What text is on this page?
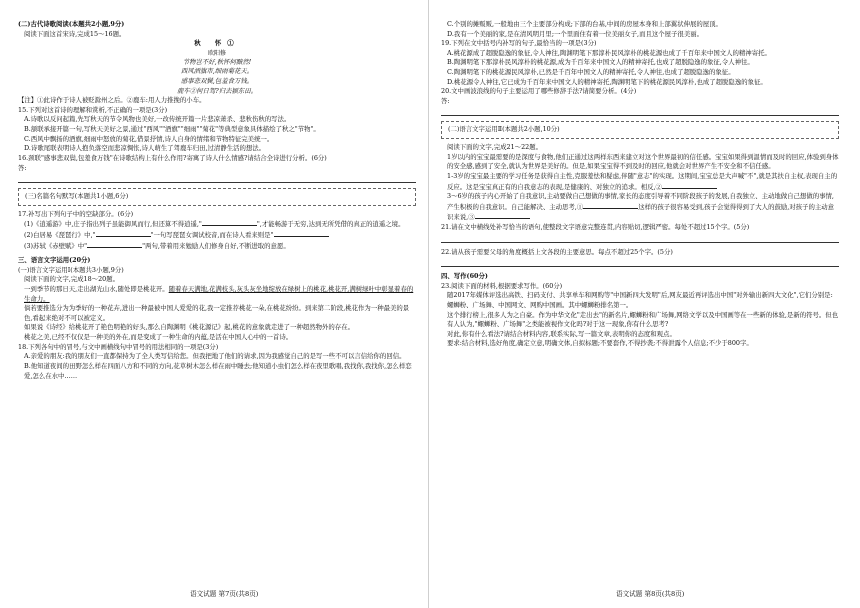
(二)古代诗歌阅读(本题共2小题,9分)

阅读下面这首宋诗,完成15～16题。

秋 怀①

欧阳修

节物岂不好,秋怀何黯然!

西风酒旗市,细雨菊花天。

感事悲双鬓,包羞食万钱。

鹿车②何日驾?归去颍东田。

【注】①此诗作于诗人被贬滁州之后。②鹿车:用人力推挽的小车。

15.下列对这首诗的理解和赏析,不正确的一项是(3分)

A.诗歌以反问起篇,先写秋天的节令风物也美好,一改传统开篇一片悲凉萧杀、悲秋伤秋的写法。

B.颔联承接开篇一句,写秋天美好之景,通过"西风""酒旗""细雨""菊花"等典型意象具体描绘了秋之"节物"。

C.西风中飘扬的酒旗,细雨中怒放的菊花,借景抒情,诗人自身的情绪和节物特征完美统一。

D.诗歌尾联表明诗人抱负落空而悲凉惆怅,诗人萌生了驾鹿车归田,过清静生活的想法。

16.颈联"感事悲双鬓,包羞食万钱"在诗歌结构上有什么作用?寄寓了诗人什么情感?请结合全诗进行分析。(6分)

答:

(三)名篇名句默写(本题共1小题,6分)

17.补写出下列句子中的空缺部分。(6分)

(1)《逍遥游》中,庄子指出列子虽能御风而行,但还算不得逍遥,"	",才能畅游于无穷,达到无所凭借的真正的逍遥之境。

(2)白居易《琵琶行》中,"	"一句写琵琶女调试校音,而在诗人看来则是"

(3)苏轼《赤壁赋》中"	"两句,带着用来勉励人们修身自好,不断进取的意愿。

三、语言文字运用(20分)

(一)语言文字运用Ⅰ(本题共3小题,9分)

阅读下面的文字,完成18～20题。

一到季节的那日天,走出湖光山水,随处即是桃花开。随着春天满地,花满枝头,灰头灰坐地绽放在绿树上的桃花,桃花开,满树绿叶中彰显着春的生命力。

倘若要推选分为为季好的一种花卉,进出一种最被中国人爱爱的花,我一定推荐桃花一朵,在桃花纷纷。到来第二阶段,桃花作为一种最美的景色,看起来绝对不可以被定义。

如果说《诗经》给桃花开了艳色明艳的好头,那么自陶渊明《桃花源记》起,桃花的意象就走进了一种超然物外的存在。

桃花之美,已经不仅仅是一种美的外在,而是变成了一种生命的内蕴,是活在中国人心中的一首诗。

18.下列各句中的冒号,与文中画横线句中冒号的用法相同的一项是(3分)

A.亲爱的朋友:我的朋友们一直都保持为了全人类写信给您。但我把地了他们的请求,因为我感觉自己的是写一些不可以言信给你的回信。

B.他知道夜间的田野怎么样在四面八方和不同的方向,花草树木怎么样在雨中睡去;他知道小虫们怎么样在夜里歌唱,我找你,我找你,怎么样恋爱,怎么在水中……

C.个别的摊贩贩,一般地由三个主要部分构成;下部的台基,中间的房屋本身和上部翼状伸展的屋顶。

D.我有一个美丽的家,是在清风明月里;一个里面住有着一位美丽女子,而且这个屋子很美丽。

19.下列在文中括号内补写的句子,最恰当的一项是(3分)

A.桃花源成了超脱隐逸的象征,令人神往,陶渊明笔下那淳朴民风淳朴的桃花源也成了千百年来中国文人的精神寄托。

B.陶渊明笔下那淳朴民风淳朴的桃花源,成为千百年来中国文人的精神寄托,也成了超脱隐逸的象征,令人神往。

C.陶渊明笔下的桃花源民风淳朴,已然是千百年中国文人的精神寄托,令人神往,也成了超脱隐逸的象征。

D.桃花源令人神往,它已成为千百年来中国文人的精神寄托,陶渊明笔下的桃花源民风淳朴,也成了超脱隐逸的象征。

20.文中画波浪线的句子主要运用了哪些修辞手法?请简要分析。(4分)

答:

(二)语言文字运用Ⅱ(本题共2小题,10分)

阅读下面的文字,完成21～22题。

1岁以内的宝宝最需要的是深度与食物,他们正通过这两样东西来建立对这个世界最初的信任感。宝宝如果得到温情而及时的回应,体验到身体的安全感,感到了安全,就认为世界是美好的。但是,如果宝宝得不到及时的回应,他就会对世界产生不安全和不信任感。

1-3岁的宝宝最主要的学习任务是获得自主性,克服羞怯和疑虑,伴随"意志"的实现。这期间,宝宝总是大声喊"不",就是其扶自主权,表现自主的反应。这是宝宝真正有的自我意志的表现,是健康的、对独立的追求。相反,②

3～6岁的孩子内心开始了自我意识,主动要做自己想做的事情,家长的态度引导着不同阶段孩子的发展,自我独立、主动地做自己想做的事情,产生积极的自我意识。自己能解决、主动思考,①	这样的孩子很容易受到,孩子会觉得得到了大人的鼓励,对孩子的主动意识来说,③

21.请在文中横线处补写恰当的语句,使整段文字语意完整连贯,内容贴切,逻辑严密。每处不超过15个字。(5分)

22.请从孩子需要父母的角度概括上文各段的主要意思。每点不超过25个字。(5分)

四、写作(60分)

23.阅读下面的材料,根据要求写作。(60分)

随2017年媒体评选出高铁、扫码支付、共享单车和网购等"中国新四大发明"后,网友最近再评选出中国"对外输出新四大文化",它们分别是:螺蛳粉、广场舞、中国网文、网购中国画。其中螺蛳粉排名第一。

这个排行榜上,很多人为之自豪。作为中华文化"走出去"的新名片,螺蛳粉和广场舞,网络文学以及中国画等在一些新的体验,是新的符号。但也有人认为,"螺蛳粉、广场舞"之类能被视作文化吗?对于这一现象,你有什么思考?

对此,你有什么看法?请结合材料内容,联系实际,写一篇文章,表明你的态度和观点。

要求:结合材料,选好角度,确定立意,明确文体,自拟标题;不要套作,不得抄袭;不得泄露个人信息;不少于800字。

语文试题 第7页(共8页)	语文试题 第8页(共8页)
